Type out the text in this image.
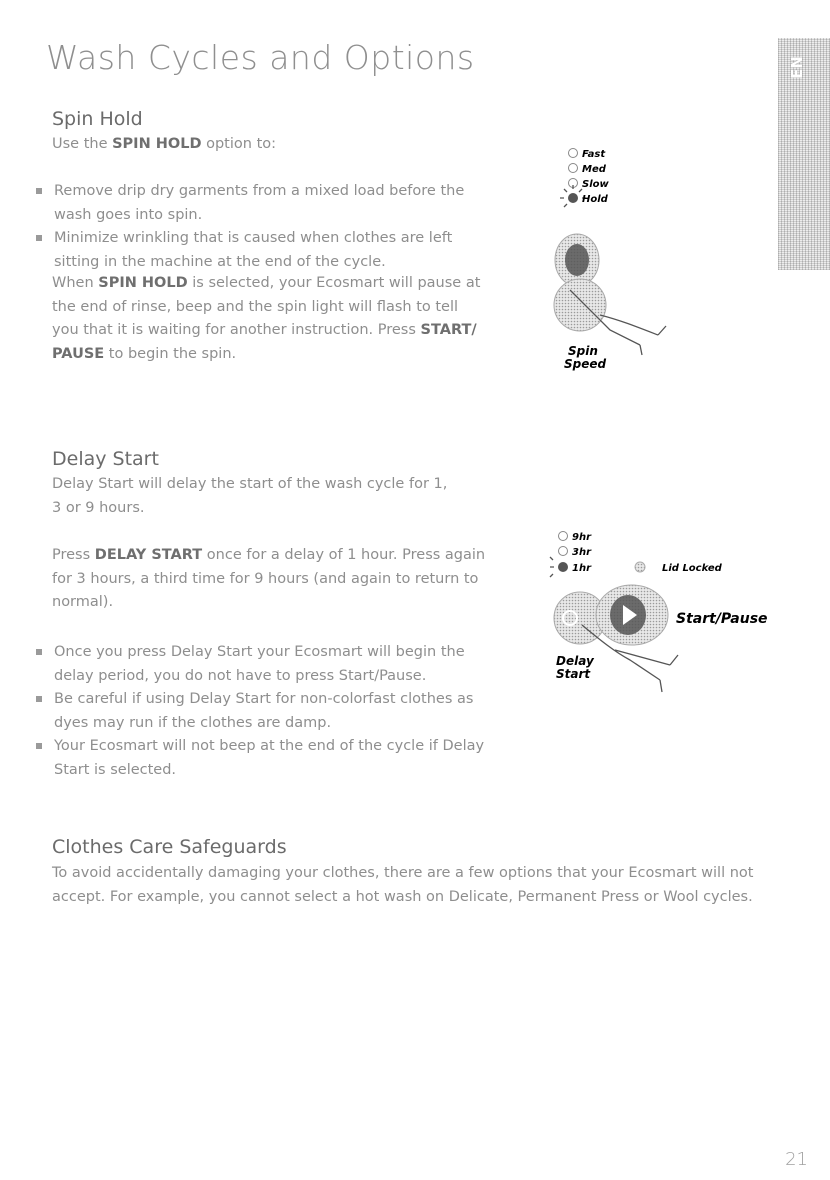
Wash Cycles and Options	EN
Spin Hold

Use the SPIN HOLD option to:

Remove drip dry garments from a mixed load before the wash goes into spin.
Minimize wrinkling that is caused when clothes are left sitting in the machine at the end of the cycle.

When SPIN HOLD is selected, your Ecosmart will pause at the end of rinse, beep and the spin light will flash to tell you that it is waiting for another instruction. Press START/ PAUSE to begin the spin.

Fast
Med
Slow
Hold
Spin
Speed
Delay Start

Delay Start will delay the start of the wash cycle for 1, 3 or 9 hours.

Press DELAY START once for a delay of 1 hour. Press again for 3 hours, a third time for 9 hours (and again to return to normal).

Once you press Delay Start your Ecosmart will begin the delay period, you do not have to press Start/Pause.
Be careful if using Delay Start for non-colorfast clothes as dyes may run if the clothes are damp.
Your Ecosmart will not beep at the end of the cycle if Delay Start is selected.
9hr
3hr
1hr	Lid Locked
Start/Pause
Delay
Start
Clothes Care Safeguards

To avoid accidentally damaging your clothes, there are a few options that your Ecosmart will not accept. For example, you cannot select a hot wash on Delicate, Permanent Press or Wool cycles.

21
